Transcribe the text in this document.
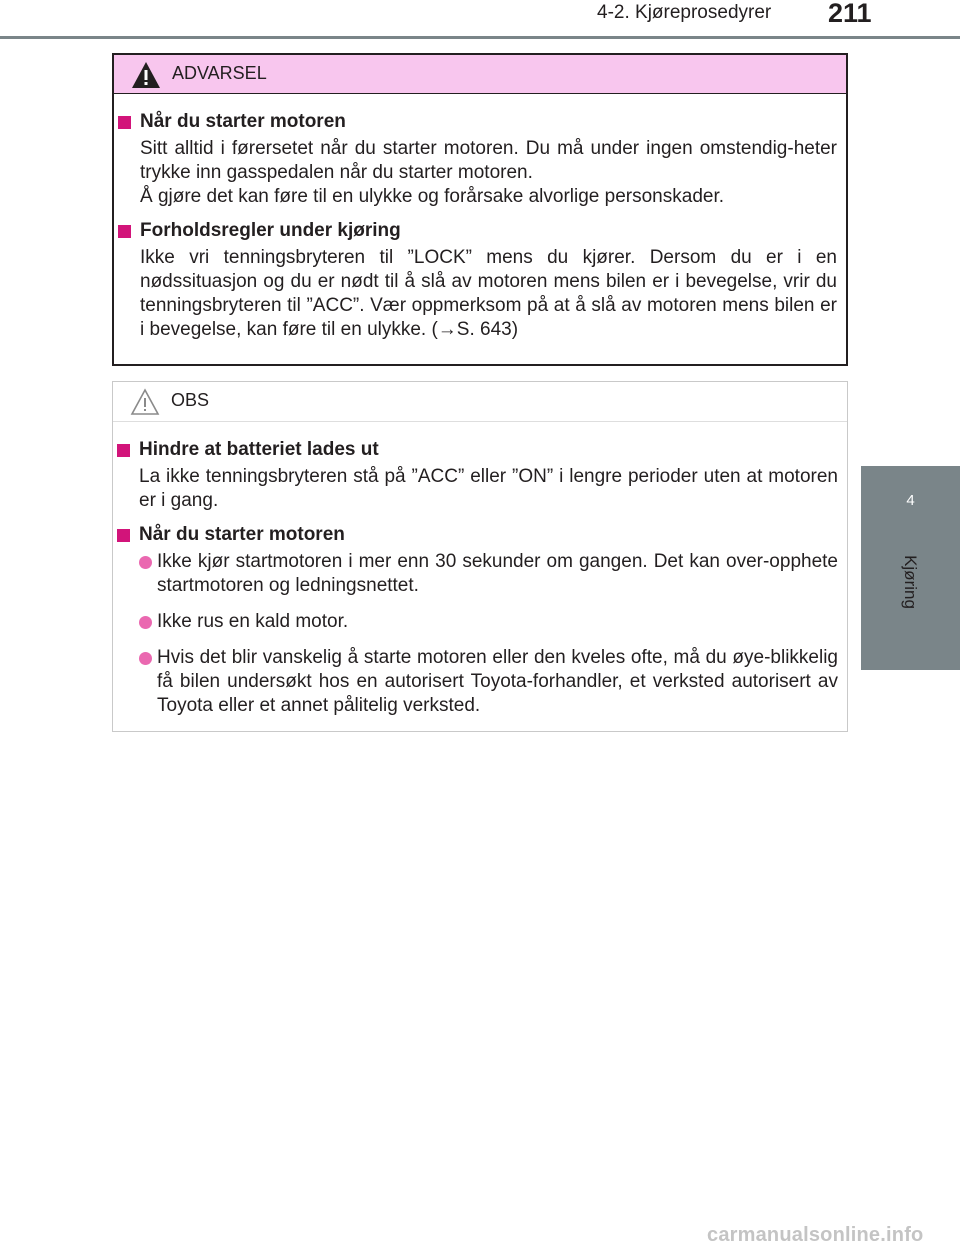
4-2. Kjøreprosedyrer 211
4
Kjøring
ADVARSEL
Når du starter motoren
Sitt alltid i førersetet når du starter motoren. Du må under ingen omstendig-heter trykke inn gasspedalen når du starter motoren.
Å gjøre det kan føre til en ulykke og forårsake alvorlige personskader.
Forholdsregler under kjøring
Ikke vri tenningsbryteren til ”LOCK” mens du kjører. Dersom du er i en nødssituasjon og du er nødt til å slå av motoren mens bilen er i bevegelse, vrir du tenningsbryteren til ”ACC”. Vær oppmerksom på at å slå av motoren mens bilen er i bevegelse, kan føre til en ulykke. (→S. 643)
OBS
Hindre at batteriet lades ut
La ikke tenningsbryteren stå på ”ACC” eller ”ON” i lengre perioder uten at motoren er i gang.
Når du starter motoren
Ikke kjør startmotoren i mer enn 30 sekunder om gangen. Det kan over-opphete startmotoren og ledningsnettet.
Ikke rus en kald motor.
Hvis det blir vanskelig å starte motoren eller den kveles ofte, må du øye-blikkelig få bilen undersøkt hos en autorisert Toyota-forhandler, et verksted autorisert av Toyota eller et annet pålitelig verksted.
carmanualsonline.info
